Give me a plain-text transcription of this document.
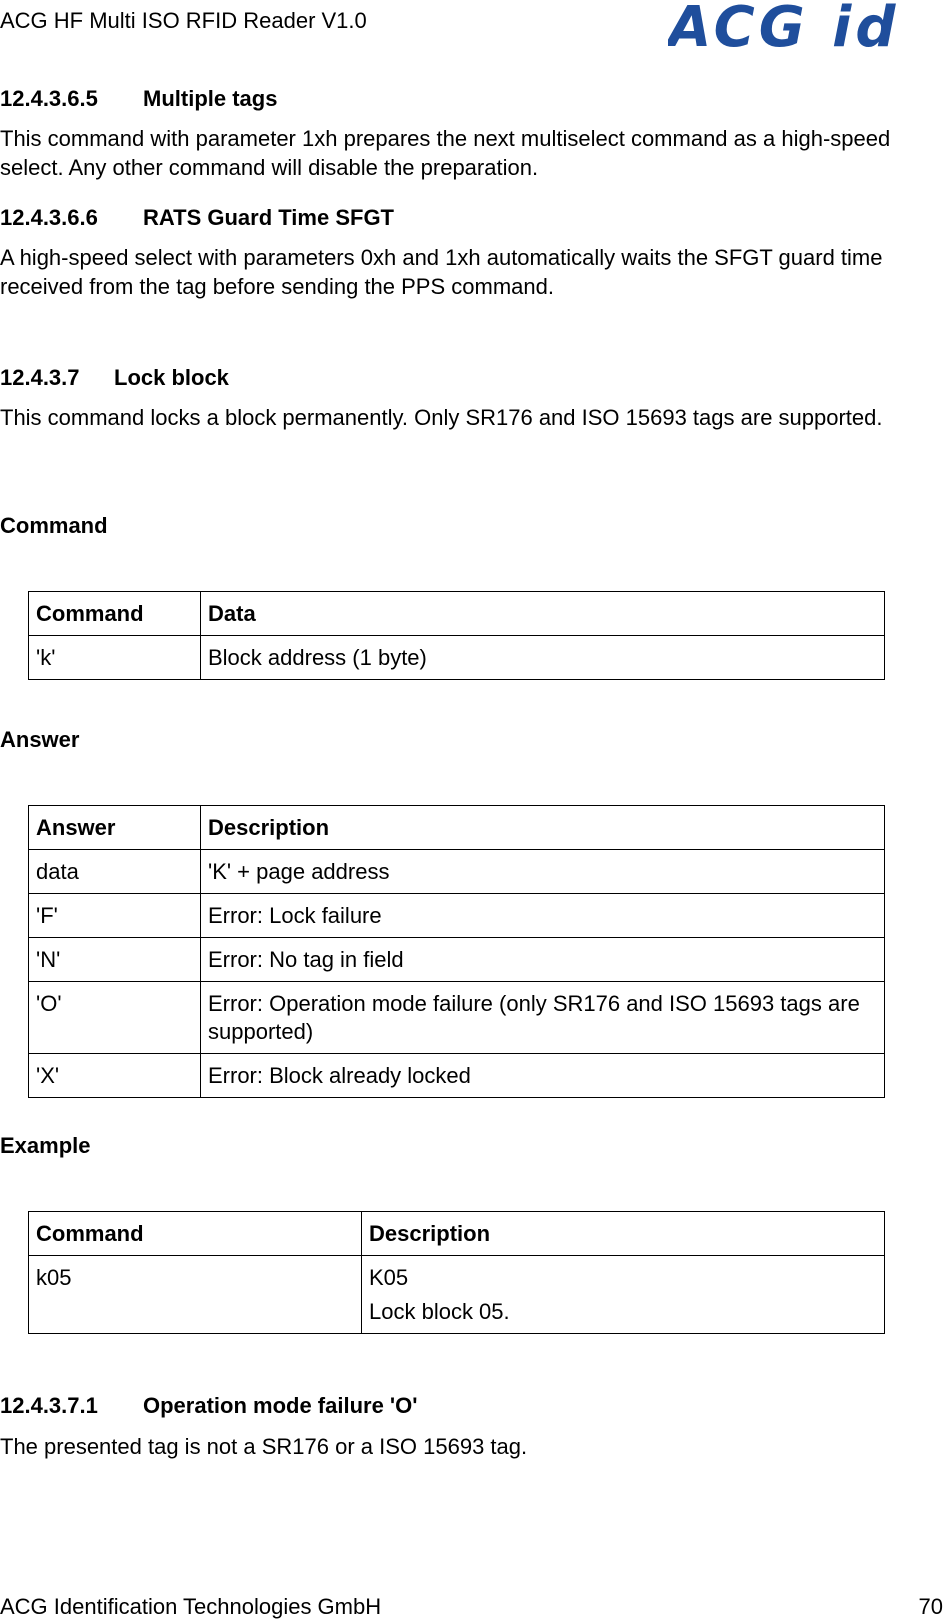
ACG HF Multi ISO RFID Reader V1.0	ACG id
12.4.3.6.5 Multiple tags
This command with parameter 1xh prepares the next multiselect command as a high-speed select. Any other command will disable the preparation.
12.4.3.6.6 RATS Guard Time SFGT
A high-speed select with parameters 0xh and 1xh automatically waits the SFGT guard time received from the tag before sending the PPS command.
12.4.3.7 Lock block
This command locks a block permanently. Only SR176 and ISO 15693 tags are supported.
Command
Command	Data
'k'	Block address (1 byte)
Answer
Answer	Description
data	'K' + page address
'F'	Error: Lock failure
'N'	Error: No tag in field
'O'	Error: Operation mode failure (only SR176 and ISO 15693 tags are supported)
'X'	Error: Block already locked
Example
Command	Description
k05	K05
Lock block 05.
12.4.3.7.1 Operation mode failure 'O'
The presented tag is not a SR176 or a ISO 15693 tag.
ACG Identification Technologies GmbH	70
